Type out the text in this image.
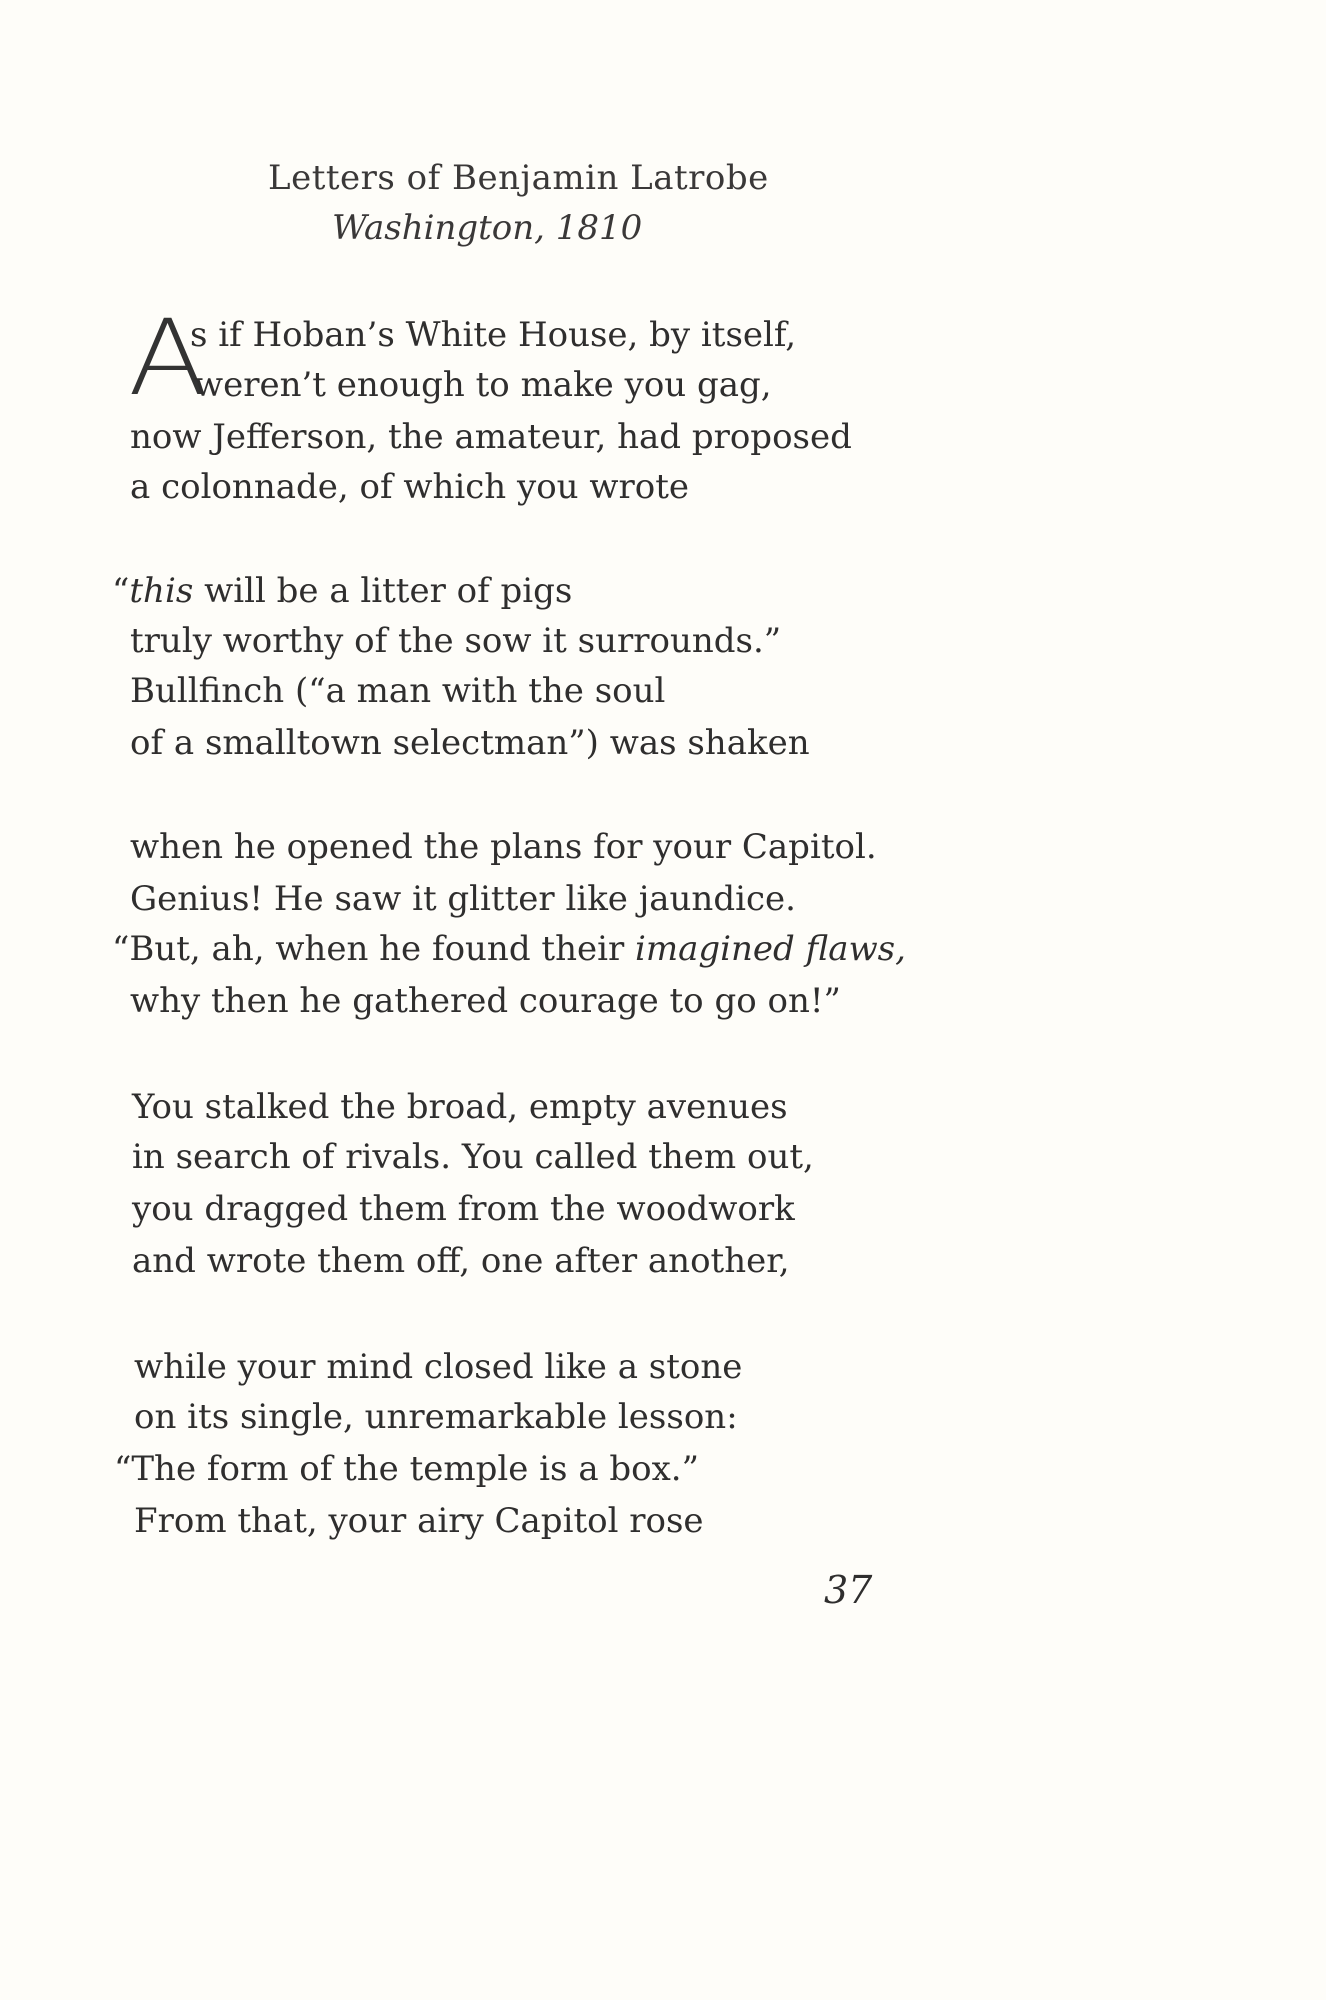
Letters of Benjamin Latrobe
Washington, 1810
A
s if Hoban’s White House, by itself,
weren’t enough to make you gag,
now Jefferson, the amateur, had proposed
a colonnade, of which you wrote
“this will be a litter of pigs
truly worthy of the sow it surrounds.”
Bullfinch (“a man with the soul
of a smalltown selectman”) was shaken
when he opened the plans for your Capitol.
Genius! He saw it glitter like jaundice.
“But, ah, when he found their imagined flaws,
why then he gathered courage to go on!”
You stalked the broad, empty avenues
in search of rivals. You called them out,
you dragged them from the woodwork
and wrote them off, one after another,
while your mind closed like a stone
on its single, unremarkable lesson:
“The form of the temple is a box.”
From that, your airy Capitol rose
37
